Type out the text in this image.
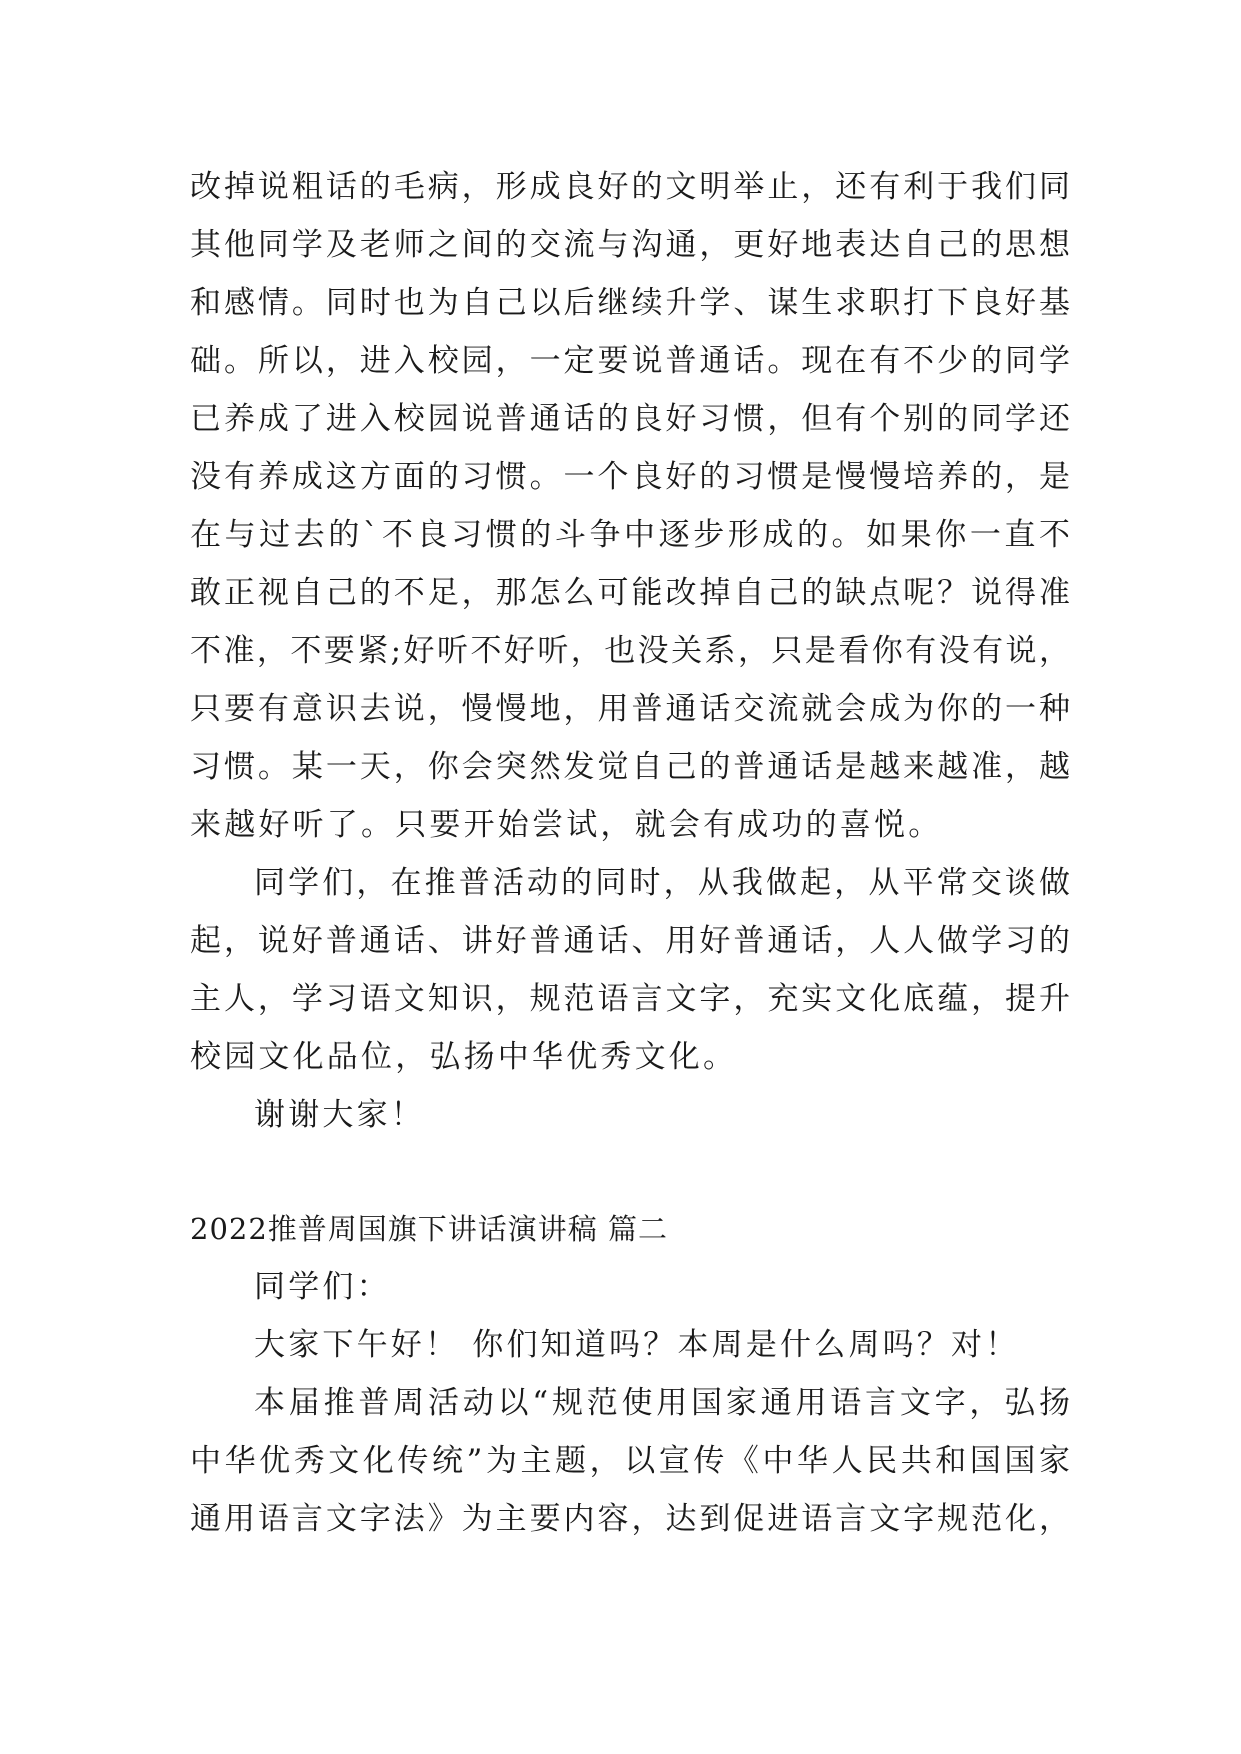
改掉说粗话的毛病，形成良好的文明举止，还有利于我们同
其他同学及老师之间的交流与沟通，更好地表达自己的思想
和感情。同时也为自己以后继续升学、谋生求职打下良好基
础。所以，进入校园，一定要说普通话。现在有不少的同学
已养成了进入校园说普通话的良好习惯，但有个别的同学还
没有养成这方面的习惯。一个良好的习惯是慢慢培养的，是
在与过去的`不良习惯的斗争中逐步形成的。如果你一直不
敢正视自己的不足，那怎么可能改掉自己的缺点呢？说得准
不准，不要紧;好听不好听，也没关系，只是看你有没有说，
只要有意识去说，慢慢地，用普通话交流就会成为你的一种
习惯。某一天，你会突然发觉自己的普通话是越来越准，越
来越好听了。只要开始尝试，就会有成功的喜悦。
同学们，在推普活动的同时，从我做起，从平常交谈做
起，说好普通话、讲好普通话、用好普通话，人人做学习的
主人，学习语文知识，规范语言文字，充实文化底蕴，提升
校园文化品位，弘扬中华优秀文化。
谢谢大家！
2022推普周国旗下讲话演讲稿 篇二
同学们：
大家下午好！ 你们知道吗？本周是什么周吗？对！
本届推普周活动以“规范使用国家通用语言文字，弘扬
中华优秀文化传统”为主题，以宣传《中华人民共和国国家
通用语言文字法》为主要内容，达到促进语言文字规范化，
